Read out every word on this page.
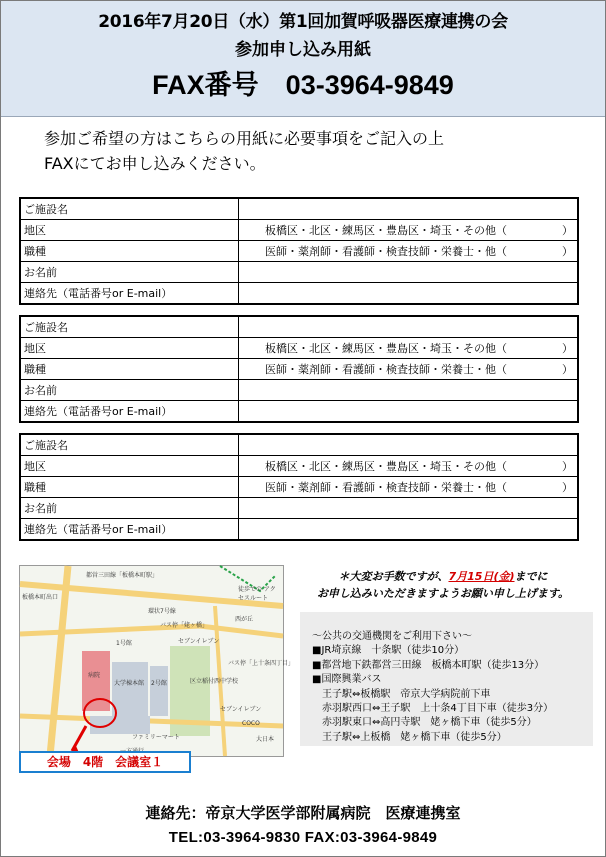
2016年7月20日（水）第1回加賀呼吸器医療連携の会
参加申し込み用紙
FAX番号　03-3964-9849
参加ご希望の方はこちらの用紙に必要事項をご記入の上
FAXにてお申し込みください。
ご施設名	
地区	板橋区・北区・練馬区・豊島区・埼玉・その他（　　　　　）
職種	医師・薬剤師・看護師・検査技師・栄養士・他（　　　　　）
お名前	
連絡先（電話番号or E-mail）	
ご施設名	
地区	板橋区・北区・練馬区・豊島区・埼玉・その他（　　　　　）
職種	医師・薬剤師・看護師・検査技師・栄養士・他（　　　　　）
お名前	
連絡先（電話番号or E-mail）	
ご施設名	
地区	板橋区・北区・練馬区・豊島区・埼玉・その他（　　　　　）
職種	医師・薬剤師・看護師・検査技師・栄養士・他（　　　　　）
お名前	
連絡先（電話番号or E-mail）	
都営三田線「板橋本町駅」
板橋本町出口
徒歩での アクセスルート
環状7号線
バス停「姥ヶ橋」
バス停「上十条四丁目」
西が丘
病院
大学棟本館 2号館
1号館
ファミリーマート
セブンイレブン
セブンイレブン
区立稲付西中学校
COCO
大日本
会場　4階　会議室１
＊大変お手数ですが、7月15日(金)までに
お申し込みいただきますようお願い申し上げます。
～公共の交通機関をご利用下さい～
■JR埼京線　十条駅（徒歩10分）
■都営地下鉄都営三田線　板橋本町駅（徒歩13分）
■国際興業バス
　王子駅⇔板橋駅　帝京大学病院前下車
　赤羽駅西口⇔王子駅　上十条4丁目下車（徒歩3分）
　赤羽駅東口⇔高円寺駅　姥ヶ橋下車（徒歩5分）
　王子駅⇔上板橋　姥ヶ橋下車（徒歩5分）
連絡先：帝京大学医学部附属病院　医療連携室
TEL:03-3964-9830 FAX:03-3964-9849
